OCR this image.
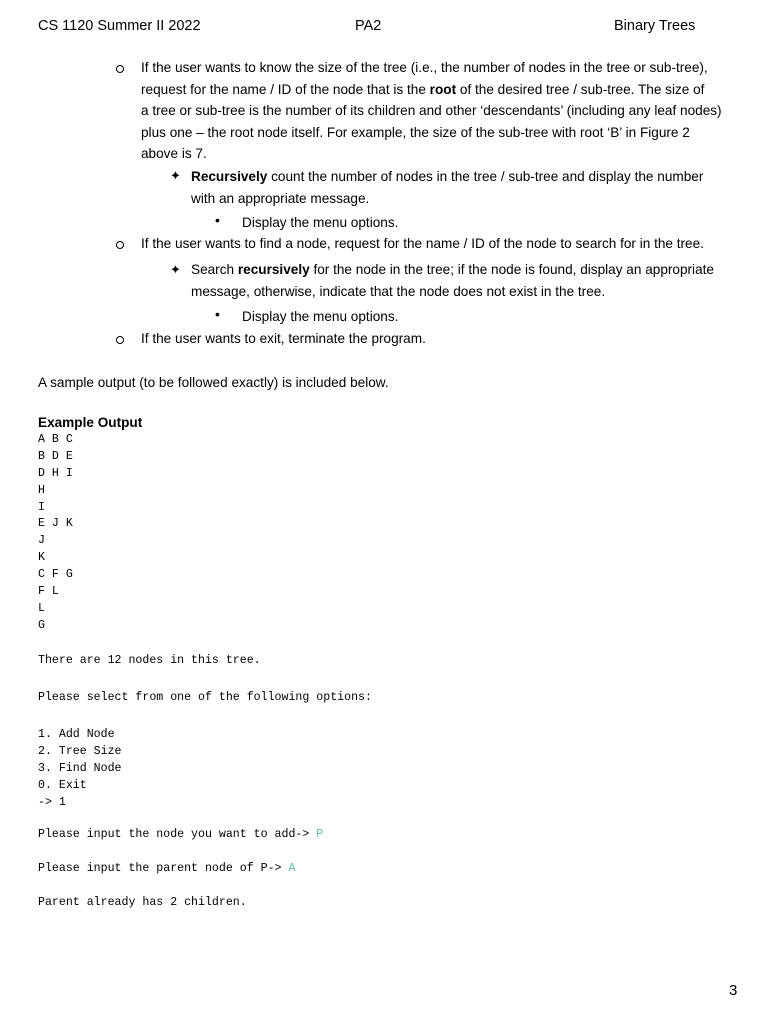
CS 1120 Summer II 2022	PA2	Binary Trees
If the user wants to know the size of the tree (i.e., the number of nodes in the tree or sub-tree),
request for the name / ID of the node that is the root of the desired tree / sub-tree. The size of
a tree or sub-tree is the number of its children and other ‘descendants’ (including any leaf nodes)
plus one – the root node itself. For example, the size of the sub-tree with root ‘B’ in Figure 2
above is 7.
✦ Recursively count the number of nodes in the tree / sub-tree and display the number
with an appropriate message.
• Display the menu options.
If the user wants to find a node, request for the name / ID of the node to search for in the tree.
✦ Search recursively for the node in the tree; if the node is found, display an appropriate
message, otherwise, indicate that the node does not exist in the tree.
• Display the menu options.
If the user wants to exit, terminate the program.
A sample output (to be followed exactly) is included below.
Example Output
A B C
B D E
D H I
H
I
E J K
J
K
C F G
F L
L
G
There are 12 nodes in this tree.
Please select from one of the following options:
1. Add Node
2. Tree Size
3. Find Node
0. Exit
-> 1
Please input the node you want to add-> P
Please input the parent node of P-> A
Parent already has 2 children.
3
